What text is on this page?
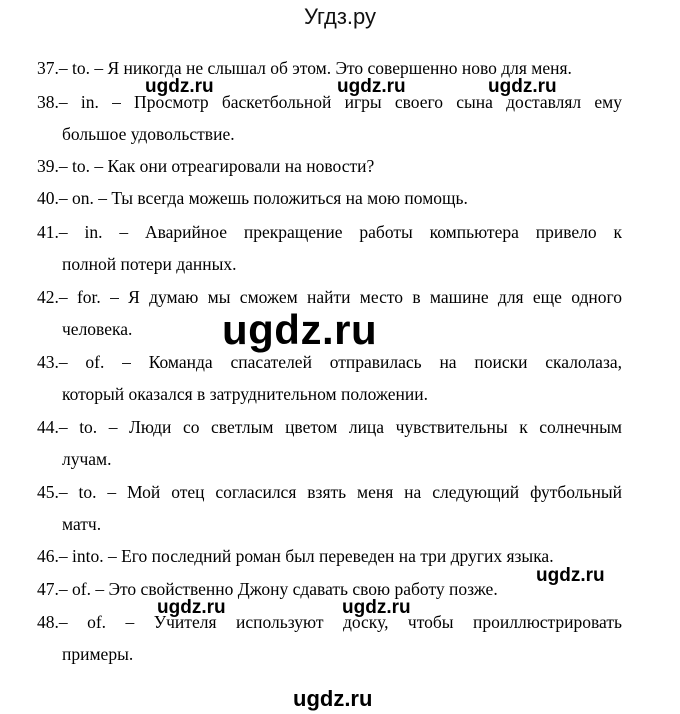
Угдз.ру
37.– to. – Я никогда не слышал об этом. Это совершенно ново для меня.
38.– in. – Просмотр баскетбольной игры своего сына доставлял ему
большое удовольствие.
39.– to. – Как они отреагировали на новости?
40.– on. – Ты всегда можешь положиться на мою помощь.
41.– in. – Аварийное прекращение работы компьютера привело к
полной потери данных.
42.– for. – Я думаю мы сможем найти место в машине для еще одного
человека.
43.– of. – Команда спасателей отправилась на поиски скалолаза,
который оказался в затруднительном положении.
44.– to. – Люди со светлым цветом лица чувствительны к солнечным
лучам.
45.– to. – Мой отец согласился взять меня на следующий футбольный
матч.
46.– into. – Его последний роман был переведен на три других языка.
47.– of. – Это свойственно Джону сдавать свою работу позже.
48.– of. – Учителя используют доску, чтобы проиллюстрировать
примеры.
ugdz.ru	ugdz.ru	ugdz.ru
ugdz.ru
ugdz.ru
ugdz.ru	ugdz.ru
ugdz.ru
